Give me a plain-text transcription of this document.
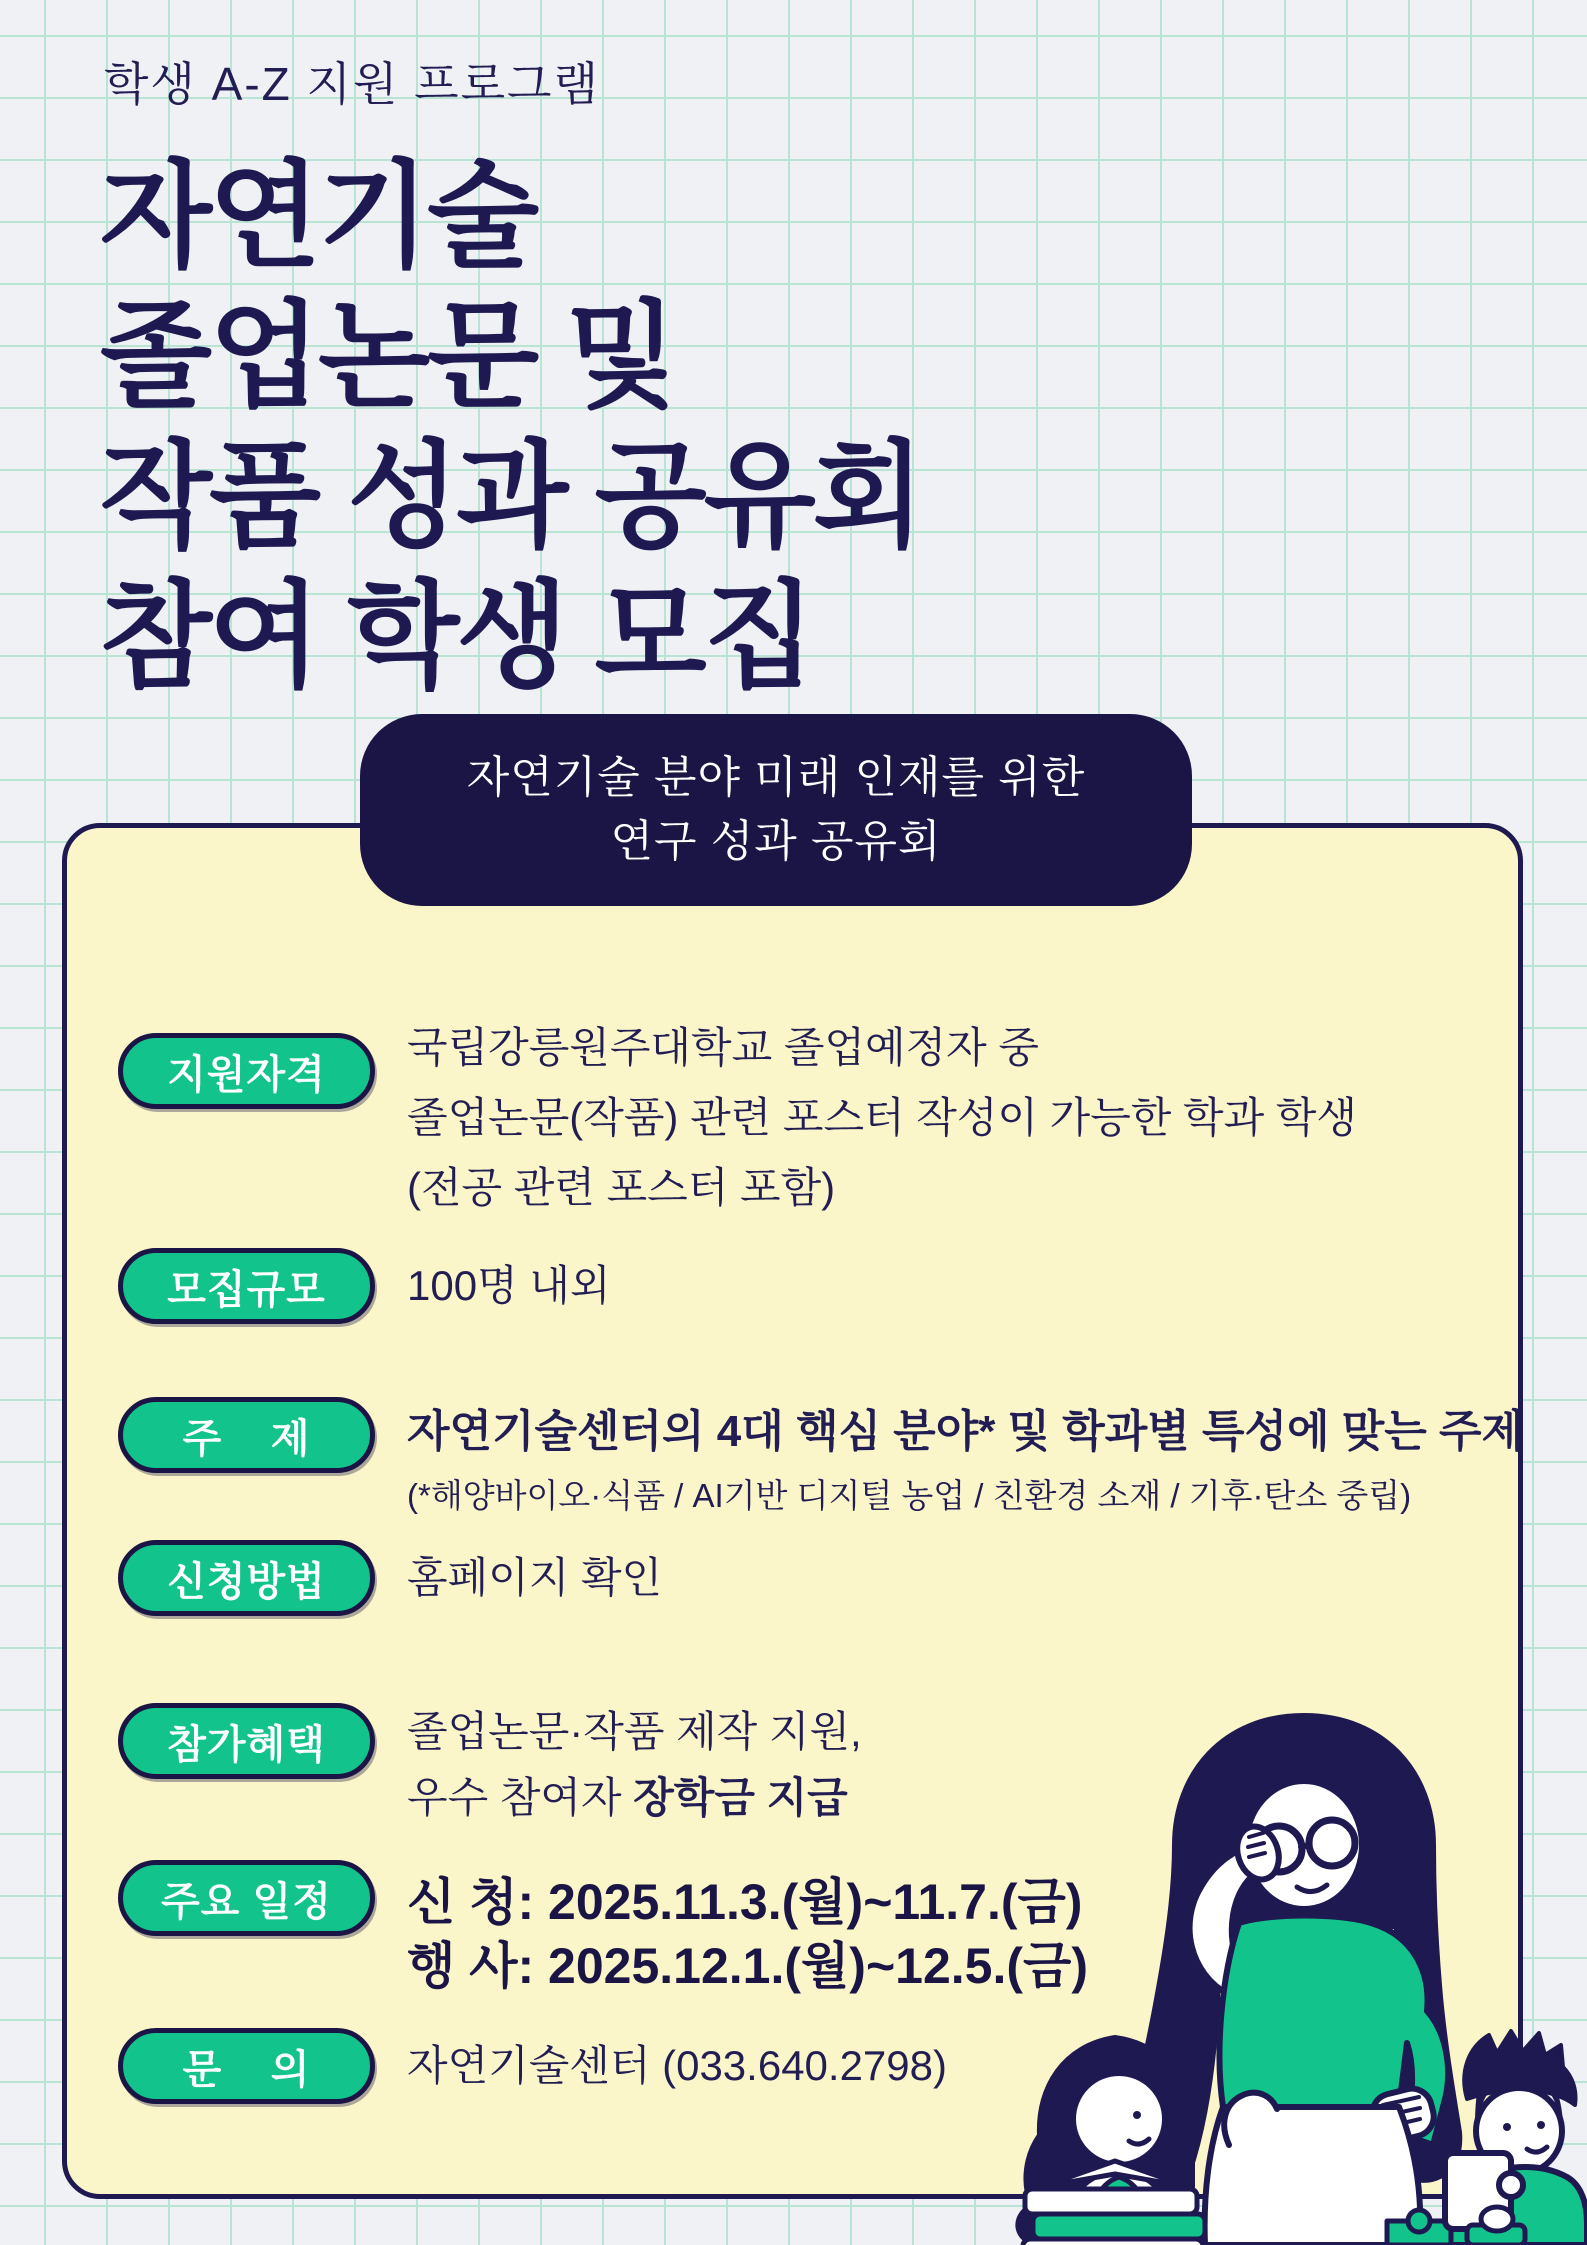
학생 A-Z 지원 프로그램
자연기술
졸업논문 및
작품 성과 공유회
참여 학생 모집
자연기술 분야 미래 인재를 위한
연구 성과 공유회
지원자격
국립강릉원주대학교 졸업예정자 중
졸업논문(작품) 관련 포스터 작성이 가능한 학과 학생
(전공 관련 포스터 포함)
모집규모 100명 내외
주    제 자연기술센터의 4대 핵심 분야* 및 학과별 특성에 맞는 주제
(*해양바이오·식품 / AI기반 디지털 농업 / 친환경 소재 / 기후·탄소 중립)
신청방법 홈페이지 확인
참가혜택 졸업논문·작품 제작 지원,
우수 참여자 장학금 지급
주요 일정 신 청: 2025.11.3.(월)~11.7.(금)
행 사: 2025.12.1.(월)~12.5.(금)
문    의 자연기술센터 (033.640.2798)
